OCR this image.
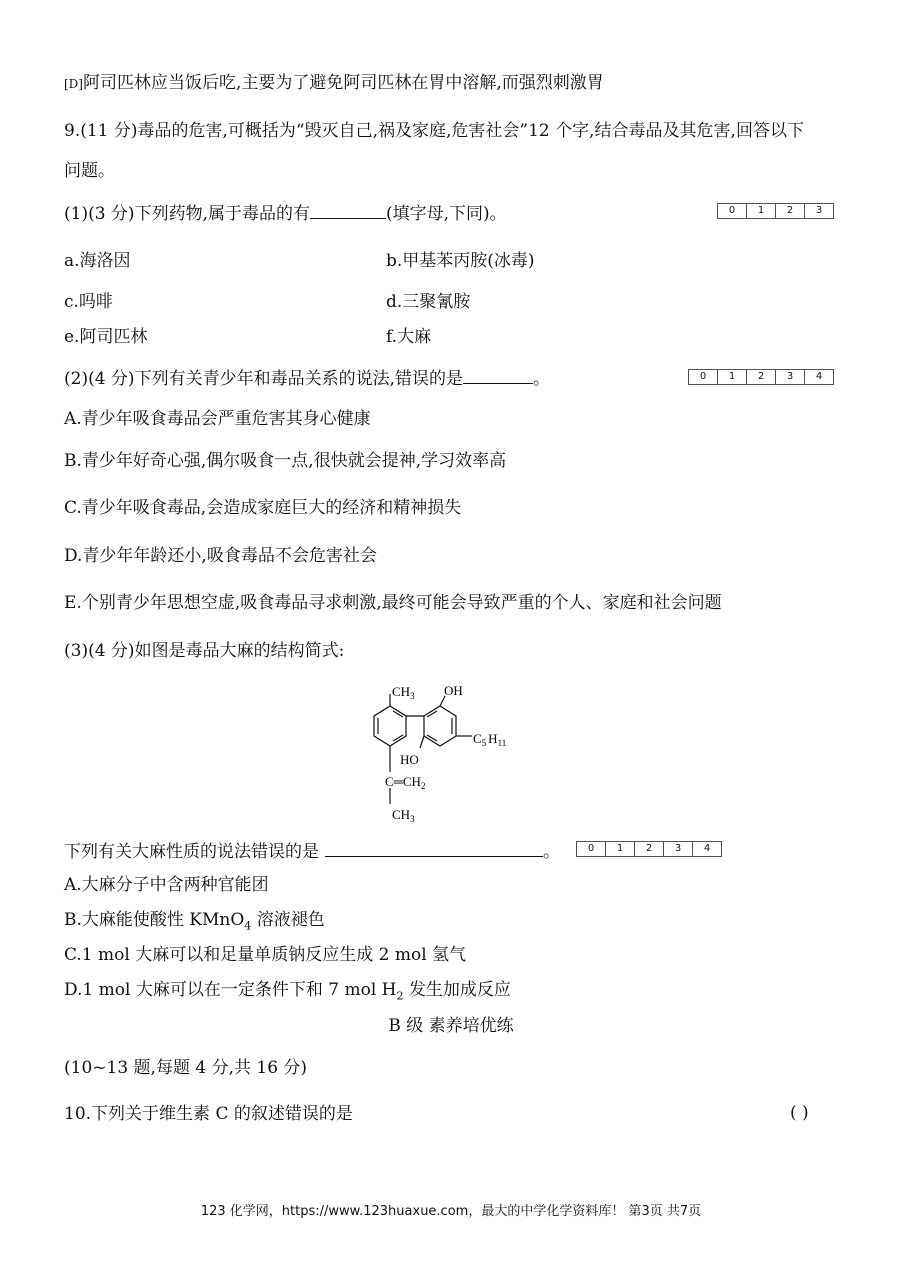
[D]阿司匹林应当饭后吃,主要为了避免阿司匹林在胃中溶解,而强烈刺激胃
9.(11 分)毒品的危害,可概括为“毁灭自己,祸及家庭,危害社会”12 个字,结合毒品及其危害,回答以下
问题。
(1)(3 分)下列药物,属于毒品的有	(填字母,下同)。	0	1	2	3
a.海洛因	b.甲基苯丙胺(冰毒)
c.吗啡	d.三聚氰胺
e.阿司匹林	f.大麻
(2)(4 分)下列有关青少年和毒品关系的说法,错误的是	。	0	1	2	3	4
A.青少年吸食毒品会严重危害其身心健康
B.青少年好奇心强,偶尔吸食一点,很快就会提神,学习效率高
C.青少年吸食毒品,会造成家庭巨大的经济和精神损失
D.青少年年龄还小,吸食毒品不会危害社会
E.个别青少年思想空虚,吸食毒品寻求刺激,最终可能会导致严重的个人、家庭和社会问题
(3)(4 分)如图是毒品大麻的结构简式:
$CH_3$ OH
$C_5$ $H_{11}$
HO
$C═CH_2$
$CH_3$
下列有关大麻性质的说法错误的是	。	0	1	2	3	4
A.大麻分子中含两种官能团
B.大麻能使酸性 KMnO$_4$ 溶液褪色
C.1 mol 大麻可以和足量单质钠反应生成 2 mol 氢气
D.1 mol 大麻可以在一定条件下和 7 mol $H_2$ 发生加成反应
B 级 素养培优练
(10~13 题,每题 4 分,共 16 分)
10.下列关于维生素 C 的叙述错误的是	( )
123 化学网，https://www.123huaxue.com，最大的中学化学资料库！ 第3页 共7页
